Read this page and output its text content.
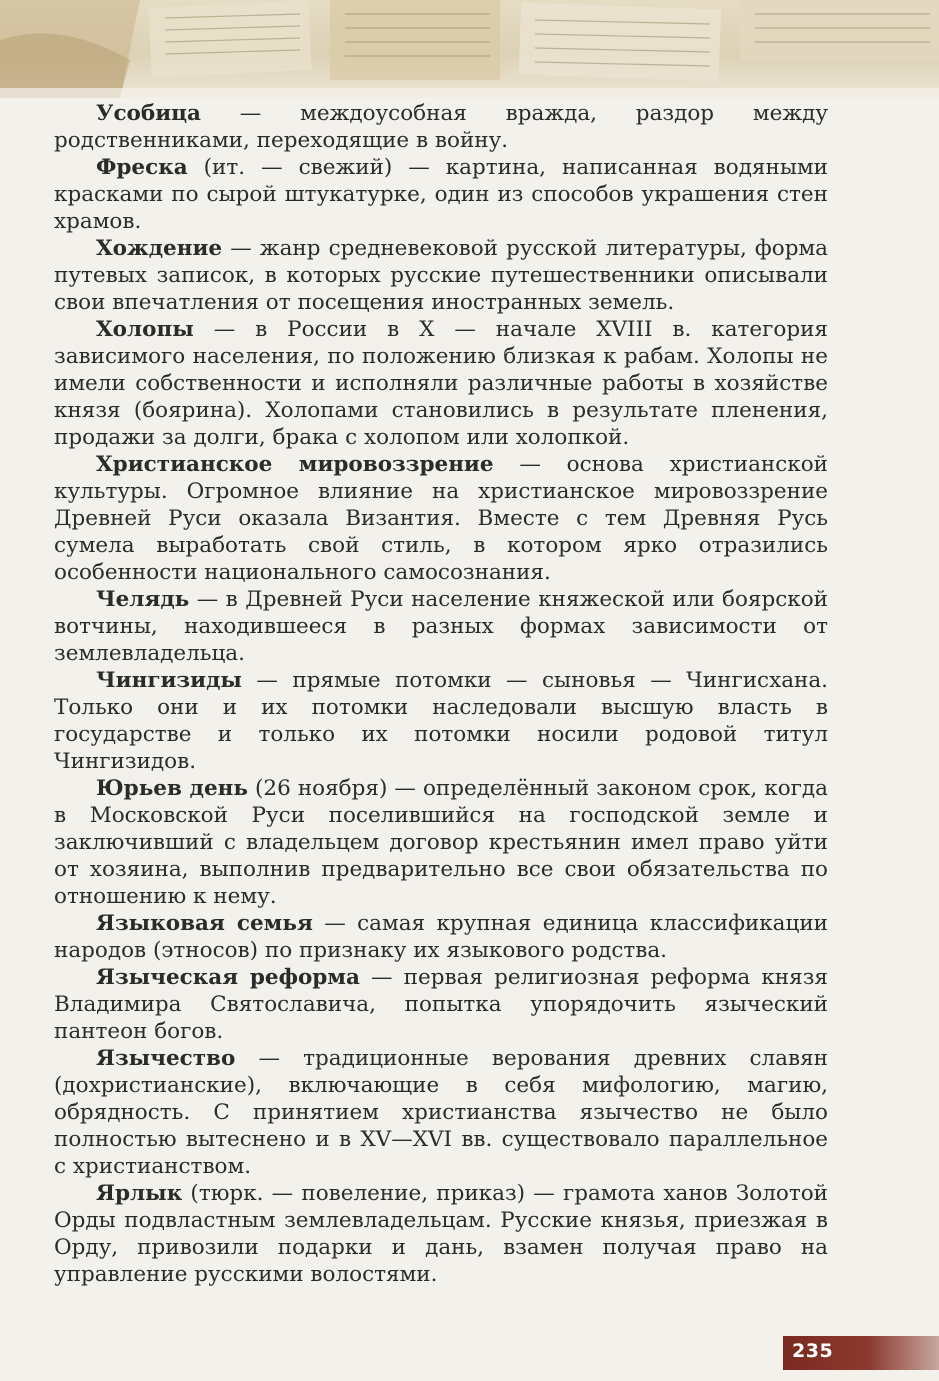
Усобица — междоусобная вражда, раздор между родственниками, переходящие в войну.

Фреска (ит. — свежий) — картина, написанная водяными красками по сырой штукатурке, один из способов украшения стен храмов.

Хождение — жанр средневековой русской литературы, форма путевых записок, в которых русские путешественники описывали свои впечатления от посещения иностранных земель.

Холопы — в России в X — начале XVIII в. категория зависимого населения, по положению близкая к рабам. Холопы не имели собственности и исполняли различные работы в хозяйстве князя (боярина). Холопами становились в результате пленения, продажи за долги, брака с холопом или холопкой.

Христианское мировоззрение — основа христианской культуры. Огромное влияние на христианское мировоззрение Древней Руси оказала Византия. Вместе с тем Древняя Русь сумела выработать свой стиль, в котором ярко отразились особенности национального самосознания.

Челядь — в Древней Руси население княжеской или боярской вотчины, находившееся в разных формах зависимости от землевладельца.

Чингизиды — прямые потомки — сыновья — Чингисхана. Только они и их потомки наследовали высшую власть в государстве и только их потомки носили родовой титул Чингизидов.

Юрьев день (26 ноября) — определённый законом срок, когда в Московской Руси поселившийся на господской земле и заключивший с владельцем договор крестьянин имел право уйти от хозяина, выполнив предварительно все свои обязательства по отношению к нему.

Языковая семья — самая крупная единица классификации народов (этносов) по признаку их языкового родства.

Языческая реформа — первая религиозная реформа князя Владимира Святославича, попытка упорядочить языческий пантеон богов.

Язычество — традиционные верования древних славян (дохристианские), включающие в себя мифологию, магию, обрядность. С принятием христианства язычество не было полностью вытеснено и в XV—XVI вв. существовало параллельное с христианством.

Ярлык (тюрк. — повеление, приказ) — грамота ханов Золотой Орды подвластным землевладельцам. Русские князья, приезжая в Орду, привозили подарки и дань, взамен получая право на управление русскими волостями.

235
